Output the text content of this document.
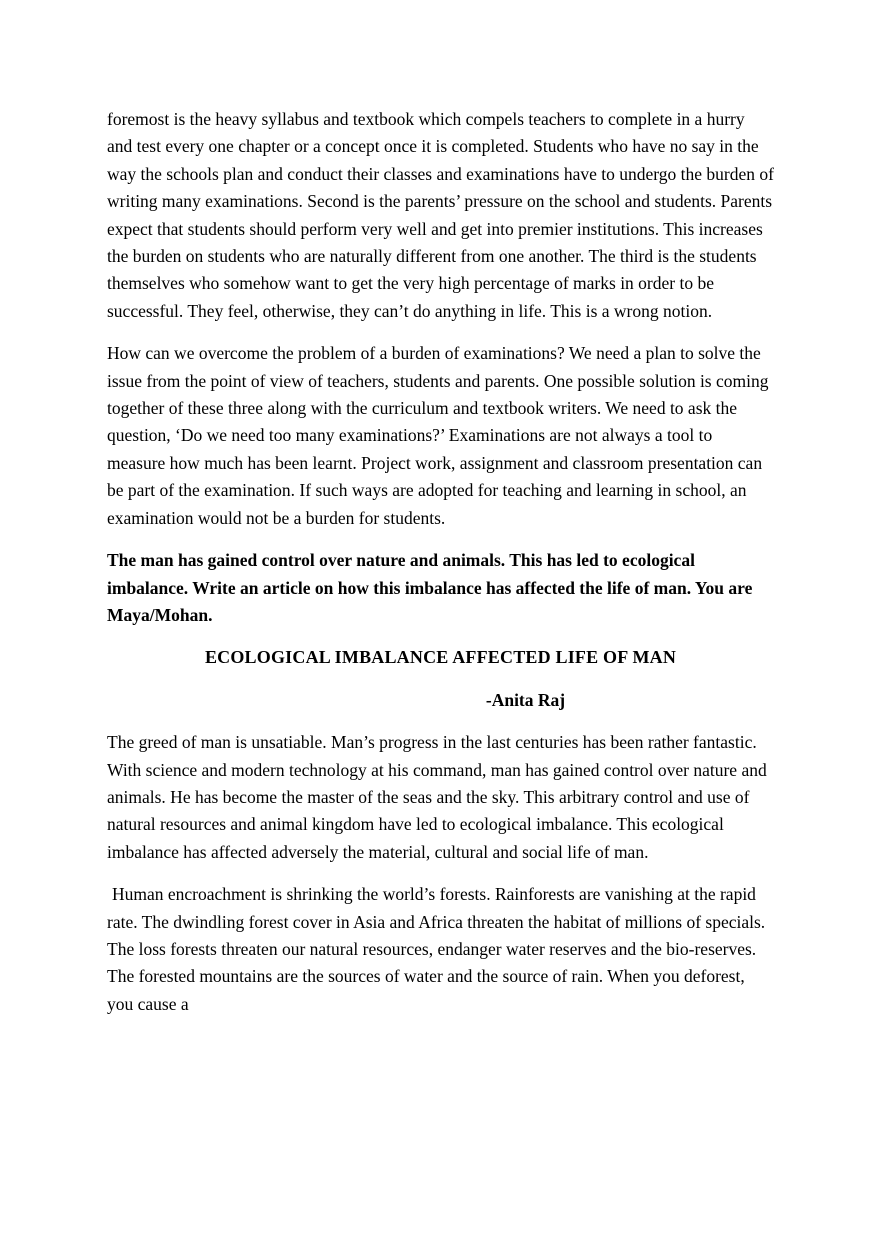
foremost is the heavy syllabus and textbook which compels teachers to complete in a hurry and test every one chapter or a concept once it is completed. Students who have no say in the way the schools plan and conduct their classes and examinations have to undergo the burden of writing many examinations. Second is the parents’ pressure on the school and students. Parents expect that students should perform very well and get into premier institutions. This increases the burden on students who are naturally different from one another. The third is the students themselves who somehow want to get the very high percentage of marks in order to be successful. They feel, otherwise, they can’t do anything in life. This is a wrong notion.

How can we overcome the problem of a burden of examinations? We need a plan to solve the issue from the point of view of teachers, students and parents. One possible solution is coming together of these three along with the curriculum and textbook writers. We need to ask the question, ‘Do we need too many examinations?’ Examinations are not always a tool to measure how much has been learnt. Project work, assignment and classroom presentation can be part of the examination. If such ways are adopted for teaching and learning in school, an examination would not be a burden for students.

The man has gained control over nature and animals. This has led to ecological imbalance. Write an article on how this imbalance has affected the life of man. You are Maya/Mohan.

ECOLOGICAL IMBALANCE AFFECTED LIFE OF MAN

-Anita Raj

The greed of man is unsatiable. Man’s progress in the last centuries has been rather fantastic. With science and modern technology at his command, man has gained control over nature and animals. He has become the master of the seas and the sky. This arbitrary control and use of natural resources and animal kingdom have led to ecological imbalance. This ecological imbalance has affected adversely the material, cultural and social life of man.

Human encroachment is shrinking the world’s forests. Rainforests are vanishing at the rapid rate. The dwindling forest cover in Asia and Africa threaten the habitat of millions of specials. The loss forests threaten our natural resources, endanger water reserves and the bio-reserves. The forested mountains are the sources of water and the source of rain. When you deforest, you cause a
